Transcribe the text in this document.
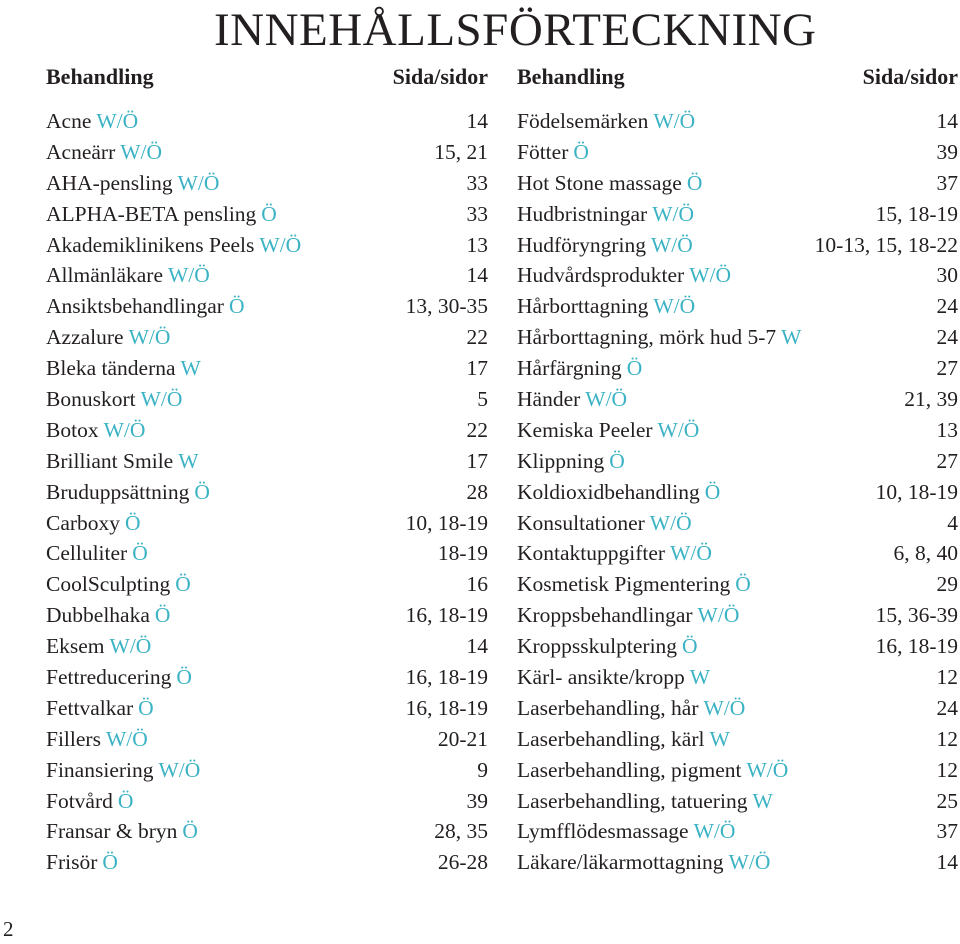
INNEHÅLLSFÖRTECKNING
Behandling	Sida/sidor
Acne W/Ö	14
Acneärr W/Ö	15, 21
AHA-pensling W/Ö	33
ALPHA-BETA pensling Ö	33
Akademiklinikens Peels W/Ö	13
Allmänläkare W/Ö	14
Ansiktsbehandlingar Ö	13, 30-35
Azzalure W/Ö	22
Bleka tänderna W	17
Bonuskort W/Ö	5
Botox W/Ö	22
Brilliant Smile W	17
Bruduppsättning Ö	28
Carboxy Ö	10, 18-19
Celluliter Ö	18-19
CoolSculpting Ö	16
Dubbelhaka Ö	16, 18-19
Eksem W/Ö	14
Fettreducering Ö	16, 18-19
Fettvalkar Ö	16, 18-19
Fillers W/Ö	20-21
Finansiering W/Ö	9
Fotvård Ö	39
Fransar & bryn Ö	28, 35
Frisör Ö	26-28
Behandling	Sida/sidor
Födelsemärken W/Ö	14
Fötter Ö	39
Hot Stone massage Ö	37
Hudbristningar W/Ö	15, 18-19
Hudföryngring W/Ö	10-13, 15, 18-22
Hudvårdsprodukter W/Ö	30
Hårborttagning W/Ö	24
Hårborttagning, mörk hud 5-7 W	24
Hårfärgning Ö	27
Händer W/Ö	21, 39
Kemiska Peeler W/Ö	13
Klippning Ö	27
Koldioxidbehandling Ö	10, 18-19
Konsultationer W/Ö	4
Kontaktuppgifter W/Ö	6, 8, 40
Kosmetisk Pigmentering Ö	29
Kroppsbehandlingar W/Ö	15, 36-39
Kroppsskulptering Ö	16, 18-19
Kärl- ansikte/kropp W	12
Laserbehandling, hår W/Ö	24
Laserbehandling, kärl W	12
Laserbehandling, pigment W/Ö	12
Laserbehandling, tatuering W	25
Lymfflödesmassage W/Ö	37
Läkare/läkarmottagning W/Ö	14
2
